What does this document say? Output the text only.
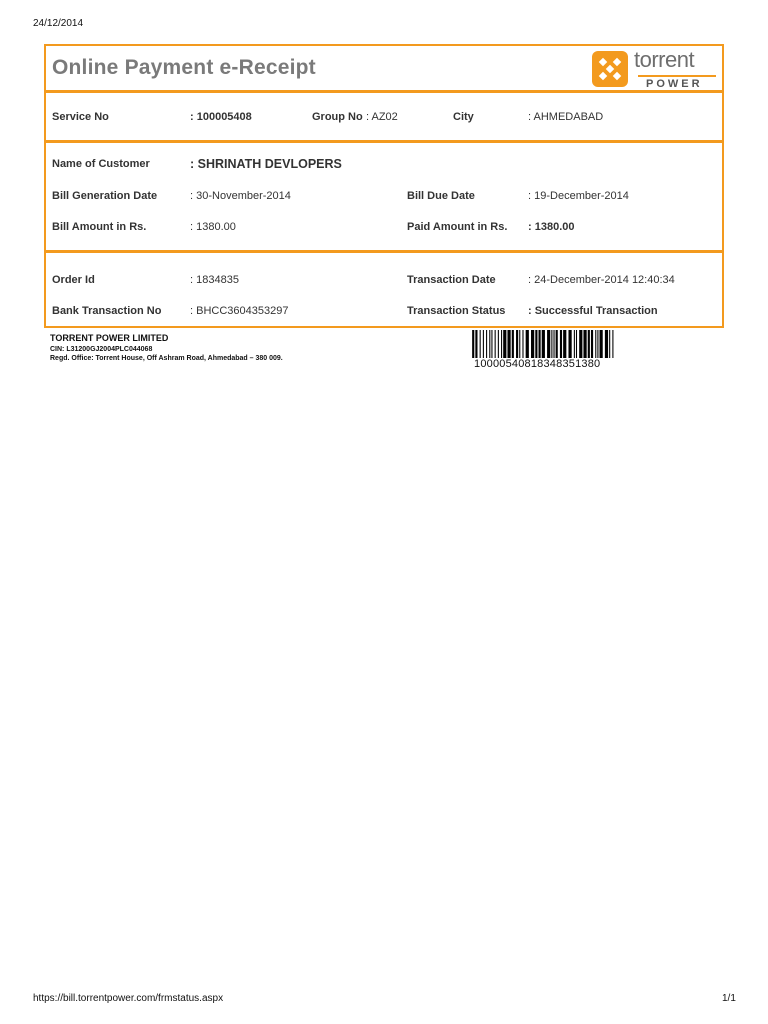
24/12/2014
Online Payment e-Receipt	torrent
POWER
Service No	: 100005408	Group No : AZ02	City	: AHMEDABAD
Name of Customer	: SHRINATH DEVLOPERS
Bill Generation Date	: 30-November-2014	Bill Due Date	: 19-December-2014
Bill Amount in Rs.	: 1380.00	Paid Amount in Rs. : 1380.00
Order Id	: 1834835	Transaction Date	: 24-December-2014 12:40:34
Bank Transaction No	: BHCC3604353297	Transaction Status : Successful Transaction
TORRENT POWER LIMITED
CIN: L31200GJ2004PLC044068
Regd. Office: Torrent House, Off Ashram Road, Ahmedabad – 380 009.	10000540818348351380
https://bill.torrentpower.com/frmstatus.aspx	1/1
